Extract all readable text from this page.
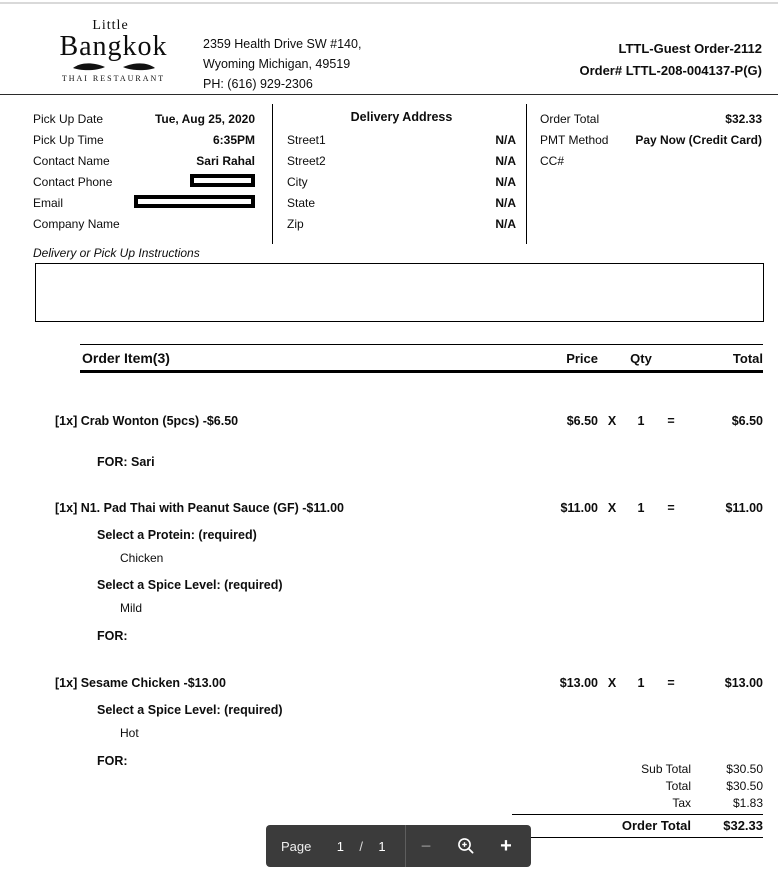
Little
Bangkok
THAI RESTAURANT
2359 Health Drive SW #140,
Wyoming Michigan, 49519
PH: (616) 929-2306
LTTL-Guest Order-2112
Order# LTTL-208-004137-P(G)
Pick Up Date	Tue, Aug 25, 2020
Pick Up Time	6:35PM
Contact Name	Sari Rahal
Contact Phone
Email
Company Name
Delivery Address
Street1	N/A
Street2	N/A
City	N/A
State	N/A
Zip	N/A
Order Total	$32.33
PMT Method Pay Now (Credit Card)
CC#
Delivery or Pick Up Instructions
Order Item(3)	Price	Qty	Total
[1x] Crab Wonton (5pcs) -$6.50	$6.50 X	1	=	$6.50
FOR: Sari
[1x] N1. Pad Thai with Peanut Sauce (GF) -$11.00	$11.00 X	1	=	$11.00
Select a Protein: (required)
Chicken
Select a Spice Level: (required)
Mild
FOR:
[1x] Sesame Chicken -$13.00	$13.00 X	1	=	$13.00
Select a Spice Level: (required)
Hot
FOR:
Sub Total	$30.50
Total	$30.50
Tax	$1.83
Order Total	$32.33
Page 1 / 1	−	+
